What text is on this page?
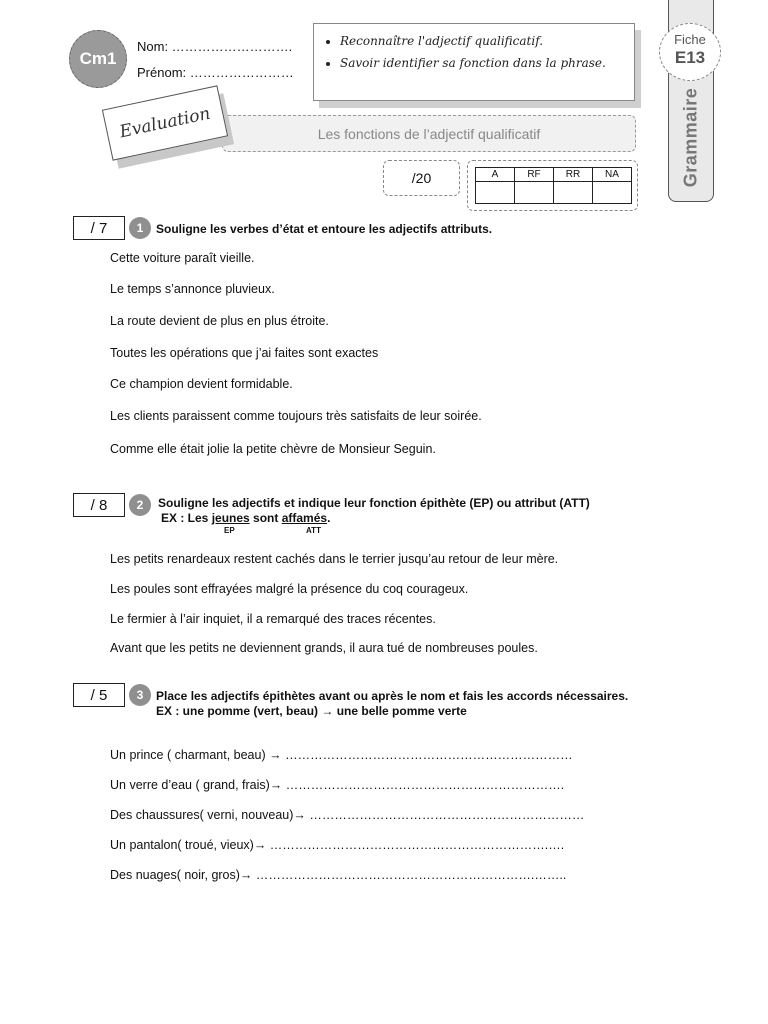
Cm1
Nom: ……………………….
Prénom: ……………………
• Reconnaître l'adjectif qualificatif.
• Savoir identifier sa fonction dans la phrase.
Grammaire
Fiche
E13
Les fonctions de l’adjectif qualificatif
Evaluation
/20	A	RF	RR	NA

/ 7	1	Souligne les verbes d’état et entoure les adjectifs attributs.
Cette voiture paraît vieille.
Le temps s’annonce pluvieux.
La route devient de plus en plus étroite.
Toutes les opérations que j’ai faites sont exactes
Ce champion devient formidable.
Les clients paraissent comme toujours très satisfaits de leur soirée.
Comme elle était jolie la petite chèvre de Monsieur Seguin.
/ 8	2	Souligne les adjectifs et indique leur fonction épithète (EP) ou attribut (ATT)
EX : Les jeunes sont affamés.
EP	ATT
Les petits renardeaux restent cachés dans le terrier jusqu’au retour de leur mère.
Les poules sont effrayées malgré la présence du coq courageux.
Le fermier à l’air inquiet, il a remarqué des traces récentes.
Avant que les petits ne deviennent grands, il aura tué de nombreuses poules.
/ 5	3	Place les adjectifs épithètes avant ou après le nom et fais les accords nécessaires.
EX : une pomme (vert, beau) → une belle pomme verte
Un prince ( charmant, beau) → ……………………………………………………………
Un verre d’eau ( grand, frais)→ ………………………………………………………….
Des chaussures( verni, nouveau)→ …………………………………………………………
Un pantalon( troué, vieux)→ ………………………………………………………….….
Des nuages( noir, gros)→ ………………………………………………………….……..
